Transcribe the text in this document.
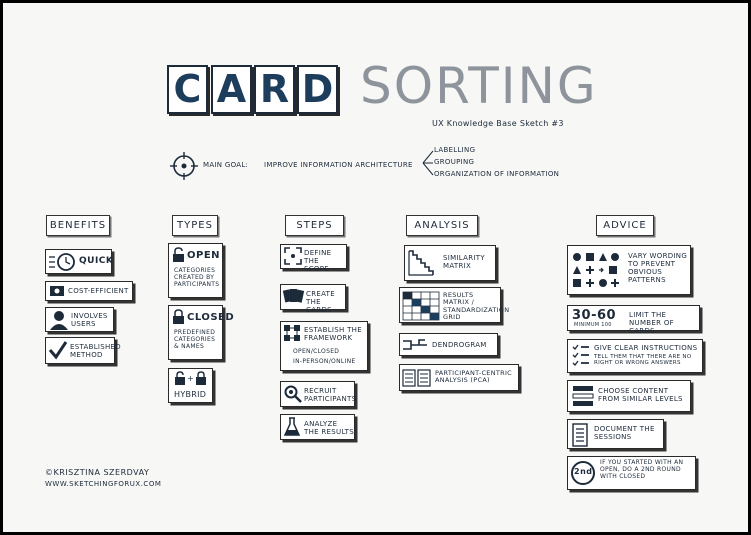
C A R D SORTING
UX Knowledge Base Sketch #3
MAIN GOAL: IMPROVE INFORMATION ARCHITECTURE
LABELLING
GROUPING
ORGANIZATION OF INFORMATION
BENEFITS
QUICK
COST-EFFICIENT
INVOLVES USERS
ESTABLISHED METHOD
TYPES
OPEN
CATEGORIES CREATED BY PARTICIPANTS
CLOSED
PREDEFINED CATEGORIES & NAMES
+
HYBRID
STEPS
DEFINE THE SCOPE
CREATE THE CARDS
ESTABLISH THE FRAMEWORK
OPEN/CLOSED
IN-PERSON/ONLINE
RECRUIT PARTICIPANTS
ANALYZE THE RESULTS
ANALYSIS
SIMILARITY MATRIX
RESULTS MATRIX / STANDARDIZATION GRID
DENDROGRAM
PARTICIPANT-CENTRIC ANALYSIS (PCA)
ADVICE
VARY WORDING TO PREVENT OBVIOUS PATTERNS
30-60
MINIMUM 100
LIMIT THE NUMBER OF CARDS
GIVE CLEAR INSTRUCTIONS
TELL THEM THAT THERE ARE NO RIGHT OR WRONG ANSWERS
CHOOSE CONTENT FROM SIMILAR LEVELS
DOCUMENT THE SESSIONS
2nd
IF YOU STARTED WITH AN OPEN, DO A 2ND ROUND WITH CLOSED
©KRISZTINA SZERDVAY
WWW.SKETCHINGFORUX.COM
